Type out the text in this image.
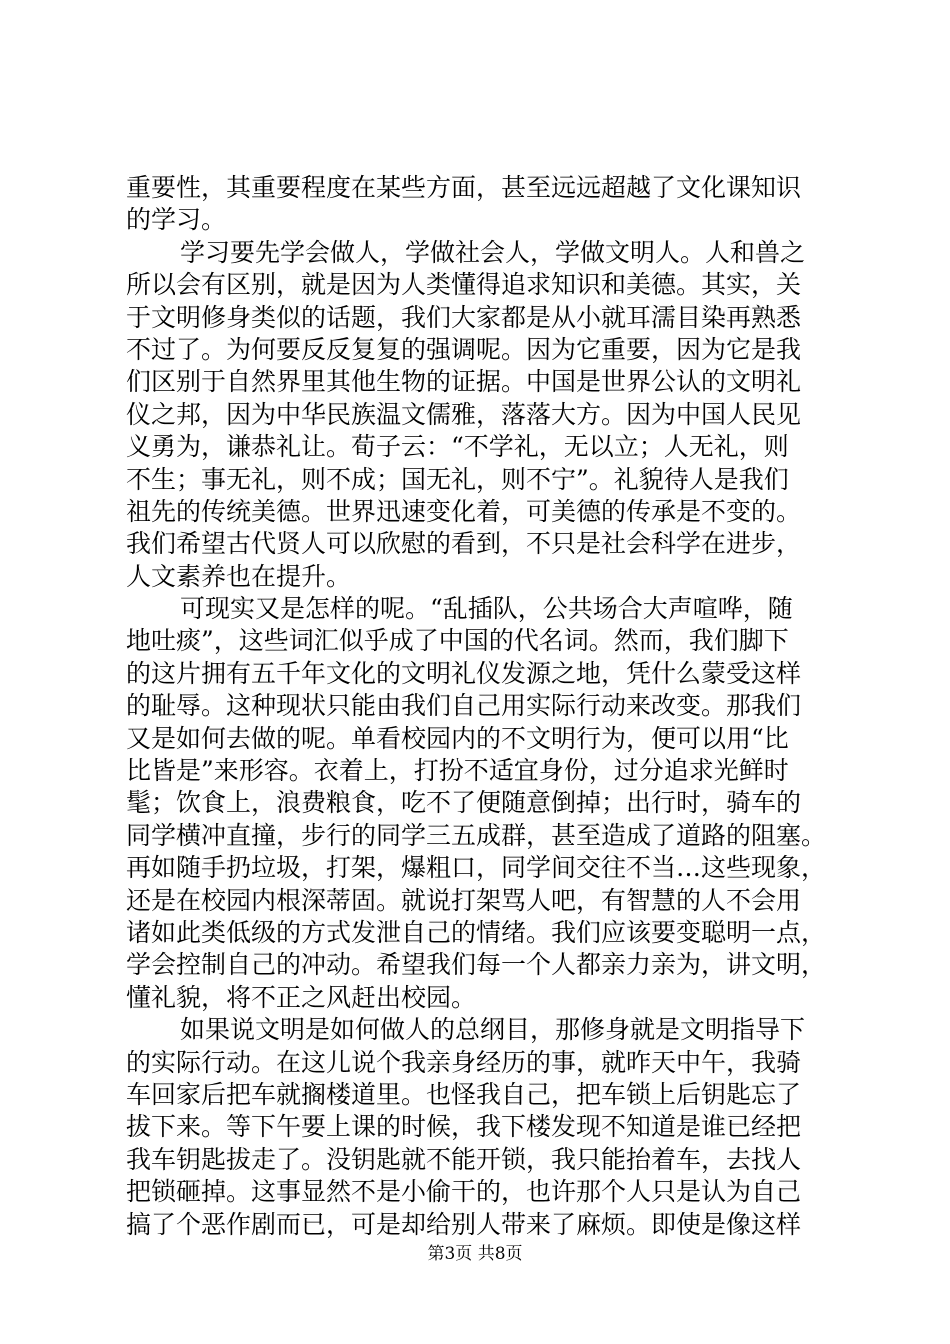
重要性，其重要程度在某些方面，甚至远远超越了文化课知识
的学习。
学习要先学会做人，学做社会人，学做文明人。人和兽之
所以会有区别，就是因为人类懂得追求知识和美德。其实，关
于文明修身类似的话题，我们大家都是从小就耳濡目染再熟悉
不过了。为何要反反复复的强调呢。因为它重要，因为它是我
们区别于自然界里其他生物的证据。中国是世界公认的文明礼
仪之邦，因为中华民族温文儒雅，落落大方。因为中国人民见
义勇为，谦恭礼让。荀子云：“不学礼，无以立；人无礼，则
不生；事无礼，则不成；国无礼，则不宁”。礼貌待人是我们
祖先的传统美德。世界迅速变化着，可美德的传承是不变的。
我们希望古代贤人可以欣慰的看到，不只是社会科学在进步，
人文素养也在提升。
可现实又是怎样的呢。“乱插队，公共场合大声喧哗，随
地吐痰”，这些词汇似乎成了中国的代名词。然而，我们脚下
的这片拥有五千年文化的文明礼仪发源之地，凭什么蒙受这样
的耻辱。这种现状只能由我们自己用实际行动来改变。那我们
又是如何去做的呢。单看校园内的不文明行为，便可以用“比
比皆是”来形容。衣着上，打扮不适宜身份，过分追求光鲜时
髦；饮食上，浪费粮食，吃不了便随意倒掉；出行时，骑车的
同学横冲直撞，步行的同学三五成群，甚至造成了道路的阻塞。
再如随手扔垃圾，打架，爆粗口，同学间交往不当…这些现象，
还是在校园内根深蒂固。就说打架骂人吧，有智慧的人不会用
诸如此类低级的方式发泄自己的情绪。我们应该要变聪明一点，
学会控制自己的冲动。希望我们每一个人都亲力亲为，讲文明，
懂礼貌，将不正之风赶出校园。
如果说文明是如何做人的总纲目，那修身就是文明指导下
的实际行动。在这儿说个我亲身经历的事，就昨天中午，我骑
车回家后把车就搁楼道里。也怪我自己，把车锁上后钥匙忘了
拔下来。等下午要上课的时候，我下楼发现不知道是谁已经把
我车钥匙拔走了。没钥匙就不能开锁，我只能抬着车，去找人
把锁砸掉。这事显然不是小偷干的，也许那个人只是认为自己
搞了个恶作剧而已，可是却给别人带来了麻烦。即使是像这样
第3页 共8页
